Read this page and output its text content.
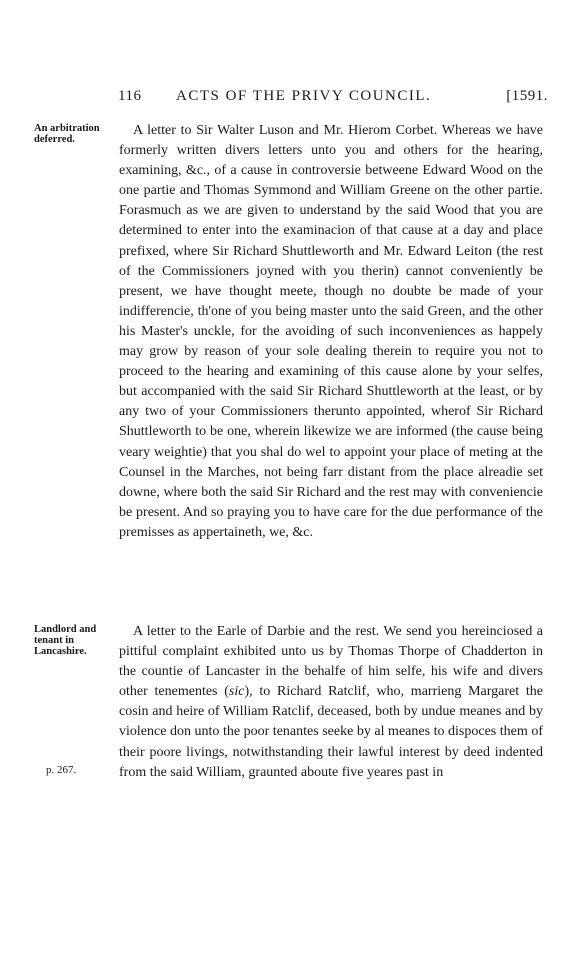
116 ACTS OF THE PRIVY COUNCIL.	[1591.
An arbitration deferred.

A letter to Sir Walter Luson and Mr. Hierom Corbet. Whereas we have formerly written divers letters unto you and others for the hearing, examining, &c., of a cause in controversie betweene Edward Wood on the one partie and Thomas Symmond and William Greene on the other partie. Forasmuch as we are given to understand by the said Wood that you are determined to enter into the examinacion of that cause at a day and place prefixed, where Sir Richard Shuttleworth and Mr. Edward Leiton (the rest of the Commissioners joyned with you therin) cannot conveniently be present, we have thought meete, though no doubte be made of your indifferencie, th'one of you being master unto the said Green, and the other his Master's unckle, for the avoiding of such inconveniences as happely may grow by reason of your sole dealing therein to require you not to proceed to the hearing and examining of this cause alone by your selfes, but accompanied with the said Sir Richard Shuttleworth at the least, or by any two of your Commissioners therunto appointed, wherof Sir Richard Shuttleworth to be one, wherein likewize we are informed (the cause being veary weightie) that you shal do wel to appoint your place of meting at the Counsel in the Marches, not being farr distant from the place alreadie set downe, where both the said Sir Richard and the rest may with conveniencie be present. And so praying you to have care for the due performance of the premisses as appertaineth, we, &c.

Landlord and tenant in Lancashire.
p. 267.

A letter to the Earle of Darbie and the rest. We send you hereinciosed a pittiful complaint exhibited unto us by Thomas Thorpe of Chadderton in the countie of Lancaster in the behalfe of him selfe, his wife and divers other tenementes (sic), to Richard Ratclif, who, marrieng Margaret the cosin and heire of William Ratclif, deceased, both by undue meanes and by violence don unto the poor tenantes seeke by al meanes to dispoces them of their poore livings, notwithstanding their lawful interest by deed indented from the said William, graunted aboute five yeares past in
